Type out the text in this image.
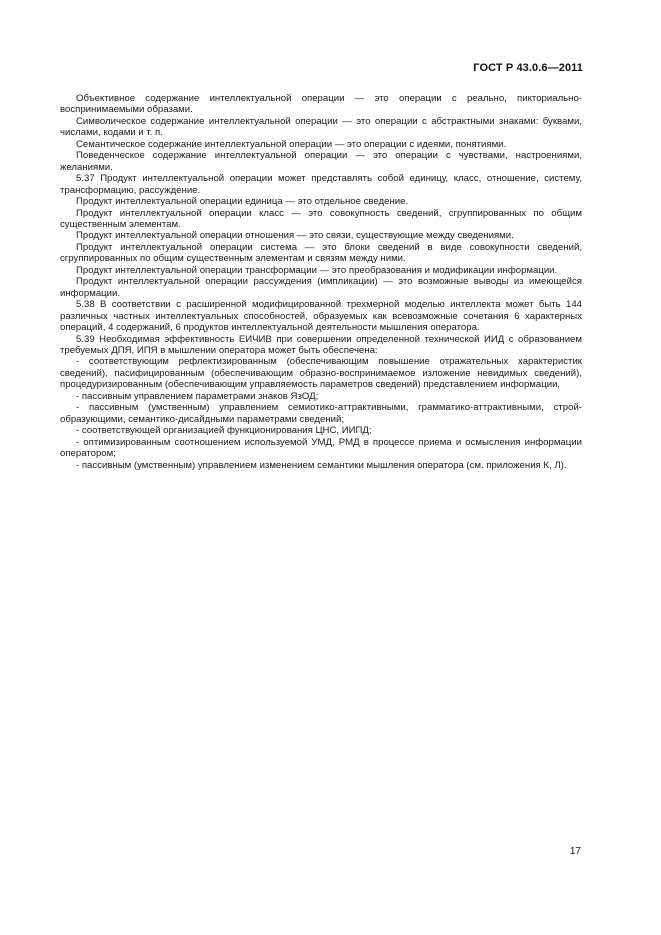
ГОСТ Р 43.0.6—2011

Объективное содержание интеллектуальной операции — это операции с реально, пикториально-воспринимаемыми образами.

Символическое содержание интеллектуальной операции — это операции с абстрактными знаками: буквами, числами, кодами и т. п.

Семантическое содержание интеллектуальной операции — это операции с идеями, понятиями.

Поведенческое содержание интеллектуальной операции — это операции с чувствами, настроениями, желаниями.

5.37 Продукт интеллектуальной операции может представлять собой единицу, класс, отношение, систему, трансформацию, рассуждение.

Продукт интеллектуальной операции единица — это отдельное сведение.

Продукт интеллектуальной операции класс — это совокупность сведений, сгруппированных по общим существенным элементам.

Продукт интеллектуальной операции отношения — это связи, существующие между сведениями.

Продукт интеллектуальной операции система — это блоки сведений в виде совокупности сведений, сгруппированных по общим существенным элементам и связям между ними.

Продукт интеллектуальной операции трансформации — это преобразования и модификации информации.

Продукт интеллектуальной операции рассуждения (импликации) — это возможные выводы из имеющейся информации.

5.38 В соответствии с расширенной модифицированной трехмерной моделью интеллекта может быть 144 различных частных интеллектуальных способностей, образуемых как всевозможные сочетания 6 характерных операций, 4 содержаний, 6 продуктов интеллектуальной деятельности мышления оператора.

5.39 Необходимая эффективность ЕИЧИВ при совершении определенной технической ИИД с образованием требуемых ДПЯ, ИПЯ в мышлении оператора может быть обеспечена:

- соответствующим рефлектизированным (обеспечивающим повышение отражательных характеристик сведений), пасифицированным (обеспечивающим образно-воспринимаемое изложение невидимых сведений), процедуризированным (обеспечивающим управляемость параметров сведений) представлением информации,

- пассивным управлением параметрами знаков ЯзОД;

- пассивным (умственным) управлением семиотико-аттрактивными, грамматико-аттрактивными, строй-образующими, семантико-дисайдными параметрами сведений;

- соответствующей организацией функционирования ЦНС, ИИПД;

- оптимизированным соотношением используемой УМД, РМД в процессе приема и осмысления информации оператором;

- пассивным (умственным) управлением изменением семантики мышления оператора (см. приложения К, Л).

17
